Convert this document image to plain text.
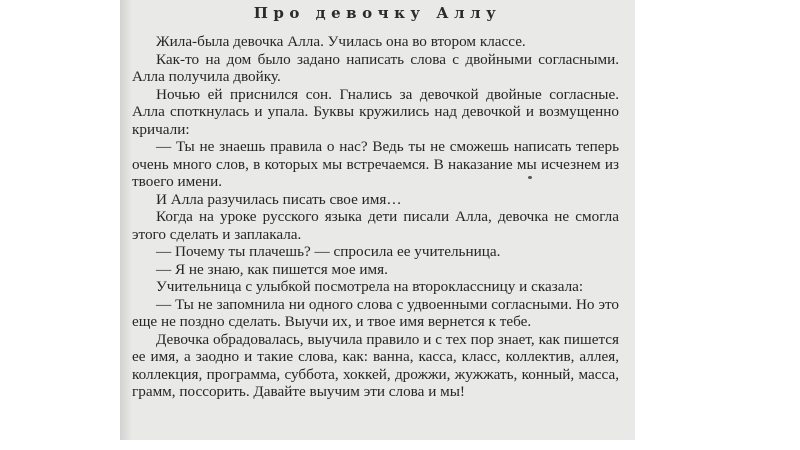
Про девочку Аллу

Жила-была девочка Алла. Училась она во втором классе.

Как-то на дом было задано написать слова с двойными согласными. Алла получила двойку.

Ночью ей приснился сон. Гнались за девочкой двойные согласные. Алла споткнулась и упала. Буквы кружились над девочкой и возмущенно кричали:

— Ты не знаешь правила о нас? Ведь ты не сможешь написать теперь очень много слов, в которых мы встречаемся. В наказание мы исчезнем из твоего имени.

И Алла разучилась писать свое имя…

Когда на уроке русского языка дети писали Алла, девочка не смогла этого сделать и заплакала.

— Почему ты плачешь? — спросила ее учительница.

— Я не знаю, как пишется мое имя.

Учительница с улыбкой посмотрела на второклассницу и сказала:

— Ты не запомнила ни одного слова с удвоенными согласными. Но это еще не поздно сделать. Выучи их, и твое имя вернется к тебе.

Девочка обрадовалась, выучила правило и с тех пор знает, как пишется ее имя, а заодно и такие слова, как: ванна, касса, класс, коллектив, аллея, коллекция, программа, суббота, хоккей, дрожжи, жужжать, конный, масса, грамм, поссорить. Давайте выучим эти слова и мы!
